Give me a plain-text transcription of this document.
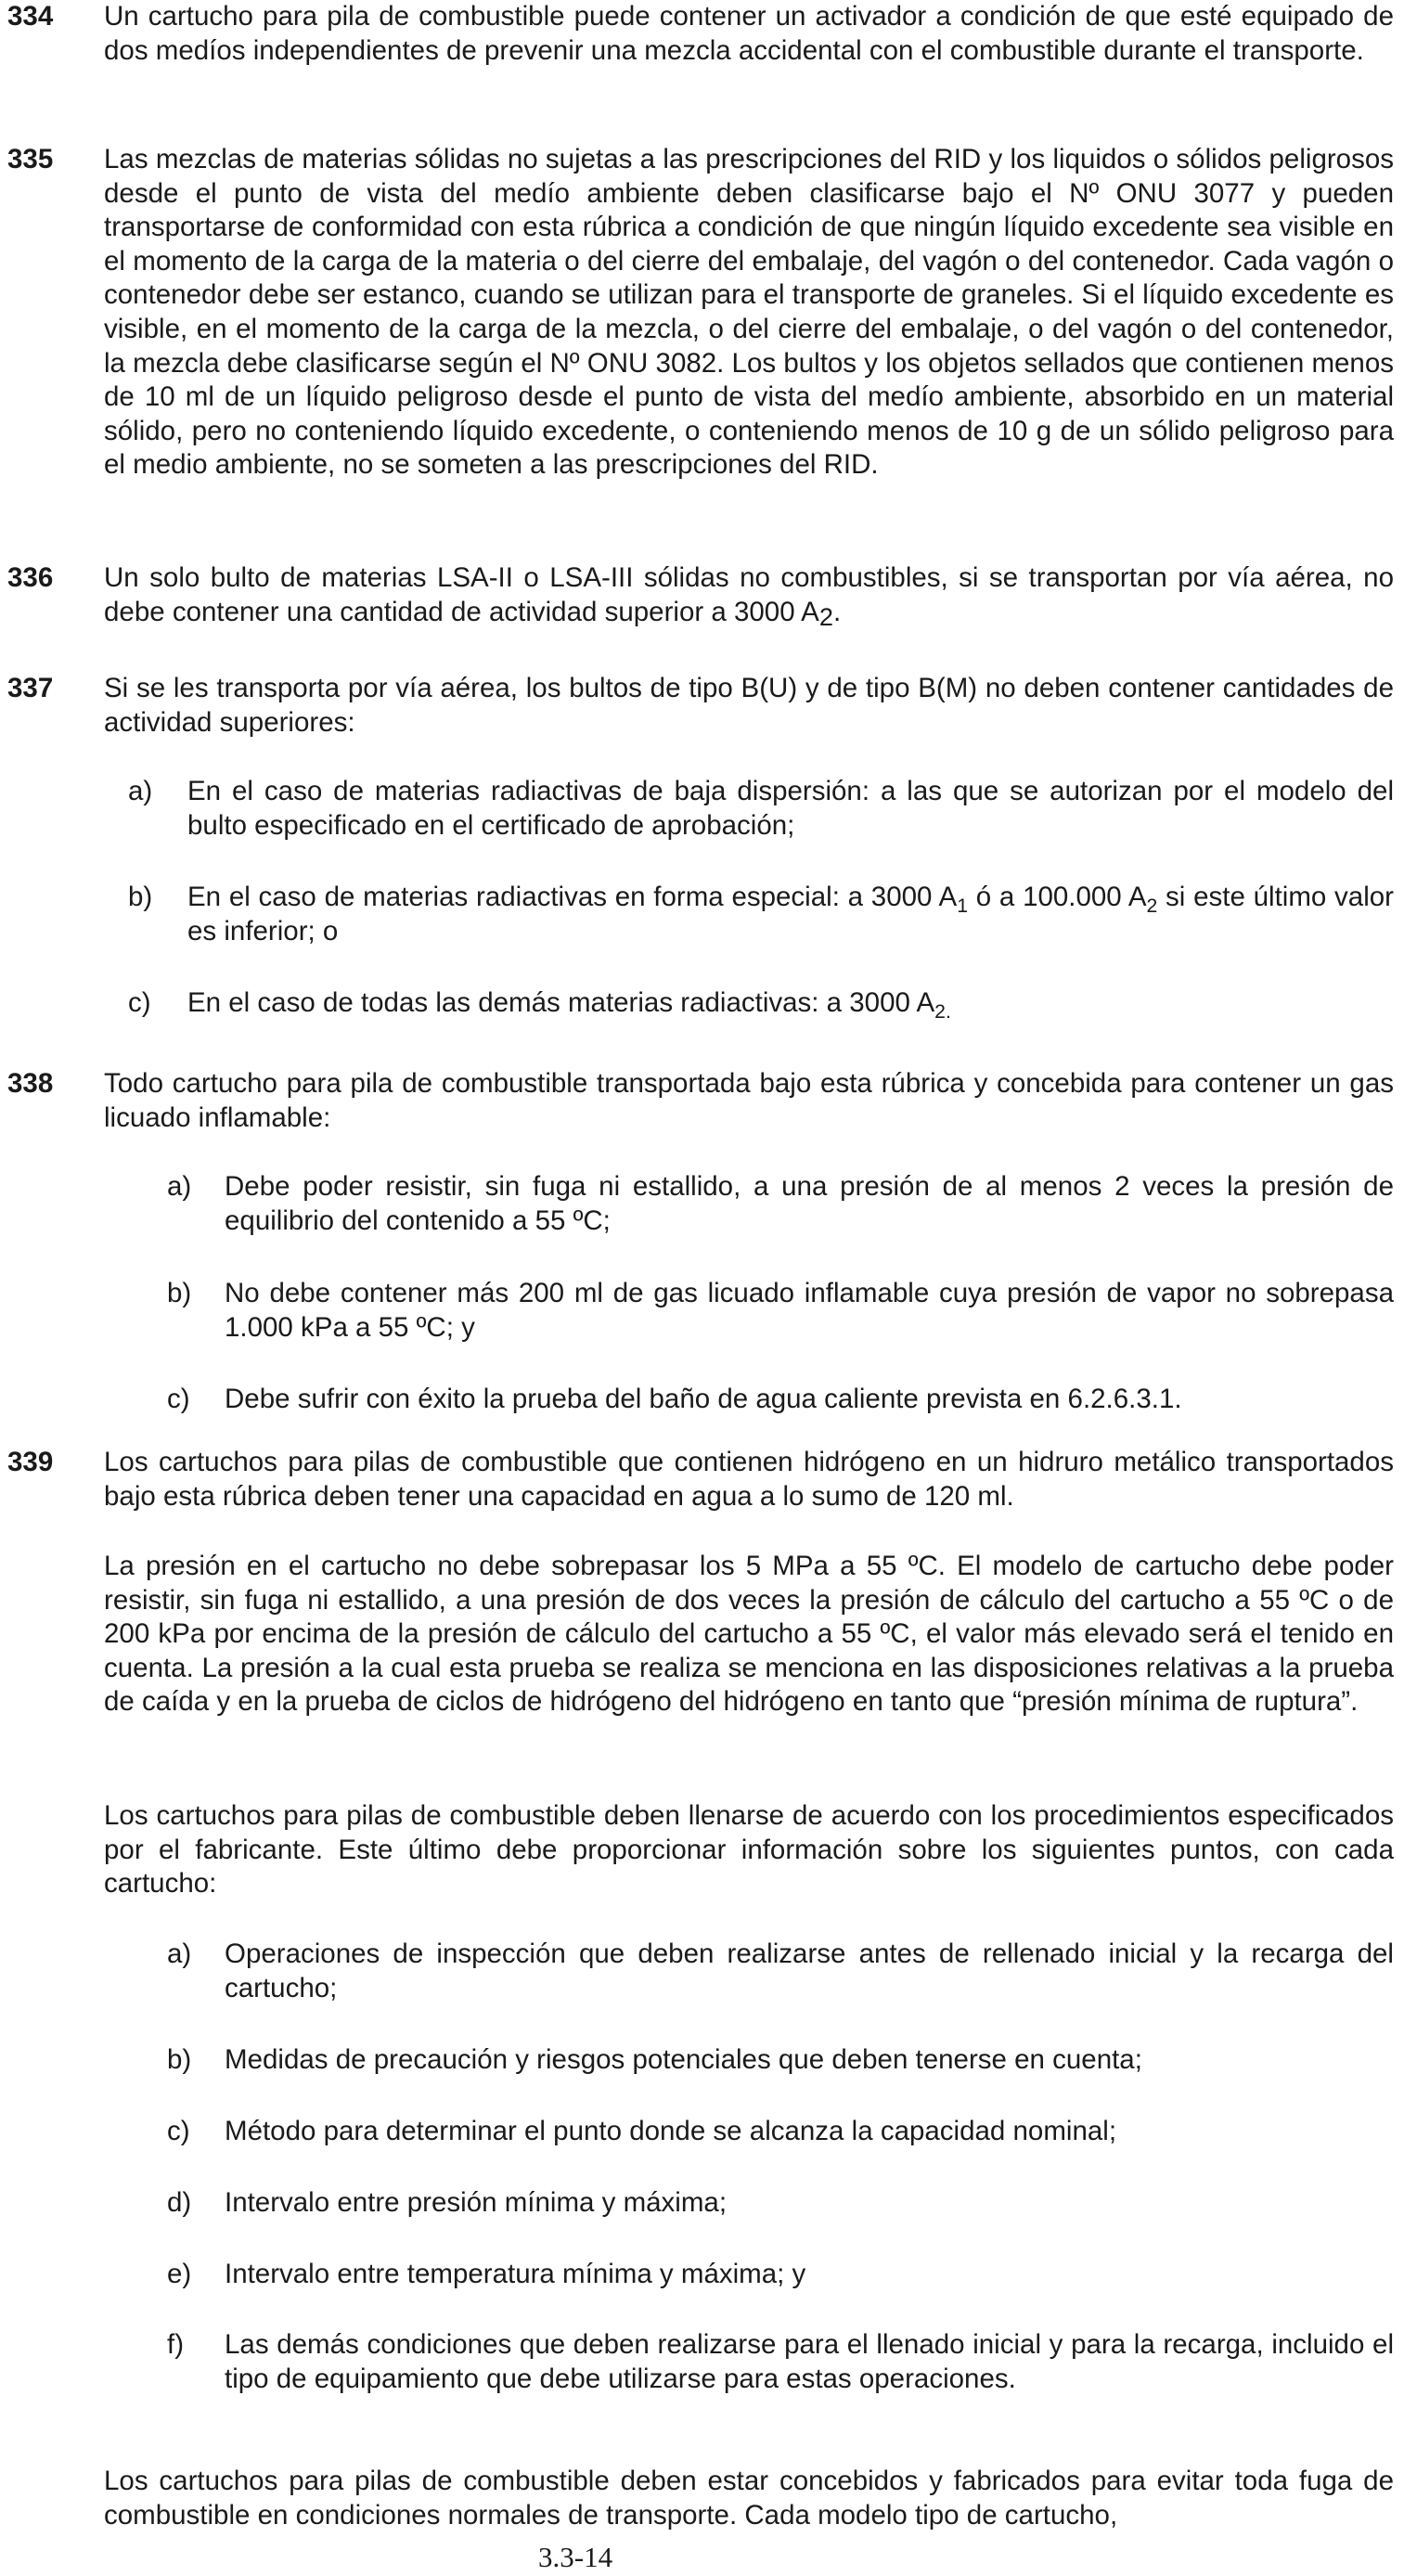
334 Un cartucho para pila de combustible puede contener un activador a condición de que esté equipado de dos medíos independientes de prevenir una mezcla accidental con el combustible durante el transporte.

335 Las mezclas de materias sólidas no sujetas a las prescripciones del RID y los liquidos o sólidos peligrosos desde el punto de vista del medío ambiente deben clasificarse bajo el Nº ONU 3077 y pueden transportarse de conformidad con esta rúbrica a condición de que ningún líquido excedente sea visible en el momento de la carga de la materia o del cierre del embalaje, del vagón o del contenedor. Cada vagón o contenedor debe ser estanco, cuando se utilizan para el transporte de graneles. Si el líquido excedente es visible, en el momento de la carga de la mezcla, o del cierre del embalaje, o del vagón o del contenedor, la mezcla debe clasificarse según el Nº ONU 3082. Los bultos y los objetos sellados que contienen menos de 10 ml de un líquido peligroso desde el punto de vista del medío ambiente, absorbido en un material sólido, pero no conteniendo líquido excedente, o conteniendo menos de 10 g de un sólido peligroso para el medio ambiente, no se someten a las prescripciones del RID.

336 Un solo bulto de materias LSA-II o LSA-III sólidas no combustibles, si se transportan por vía aérea, no debe contener una cantidad de actividad superior a 3000 A2.

337 Si se les transporta por vía aérea, los bultos de tipo B(U) y de tipo B(M) no deben contener cantidades de actividad superiores:

a) En el caso de materias radiactivas de baja dispersión: a las que se autorizan por el modelo del bulto especificado en el certificado de aprobación;

b) En el caso de materias radiactivas en forma especial: a 3000 $A_1$ ó a 100.000 $A_2$ si este último valor es inferior; o

c) En el caso de todas las demás materias radiactivas: a 3000 $A_{2.}$

338 Todo cartucho para pila de combustible transportada bajo esta rúbrica y concebida para contener un gas licuado inflamable:

a) Debe poder resistir, sin fuga ni estallido, a una presión de al menos 2 veces la presión de equilibrio del contenido a 55 ºC;

b) No debe contener más 200 ml de gas licuado inflamable cuya presión de vapor no sobrepasa 1.000 kPa a 55 ºC; y

c) Debe sufrir con éxito la prueba del baño de agua caliente prevista en 6.2.6.3.1.

339 Los cartuchos para pilas de combustible que contienen hidrógeno en un hidruro metálico transportados bajo esta rúbrica deben tener una capacidad en agua a lo sumo de 120 ml.

La presión en el cartucho no debe sobrepasar los 5 MPa a 55 ºC. El modelo de cartucho debe poder resistir, sin fuga ni estallido, a una presión de dos veces la presión de cálculo del cartucho a 55 ºC o de 200 kPa por encima de la presión de cálculo del cartucho a 55 ºC, el valor más elevado será el tenido en cuenta. La presión a la cual esta prueba se realiza se menciona en las disposiciones relativas a la prueba de caída y en la prueba de ciclos de hidrógeno del hidrógeno en tanto que “presión mínima de ruptura”.

Los cartuchos para pilas de combustible deben llenarse de acuerdo con los procedimientos especificados por el fabricante. Este último debe proporcionar información sobre los siguientes puntos, con cada cartucho:

a) Operaciones de inspección que deben realizarse antes de rellenado inicial y la recarga del cartucho;

b) Medidas de precaución y riesgos potenciales que deben tenerse en cuenta;

c) Método para determinar el punto donde se alcanza la capacidad nominal;

d) Intervalo entre presión mínima y máxima;

e) Intervalo entre temperatura mínima y máxima; y

f) Las demás condiciones que deben realizarse para el llenado inicial y para la recarga, incluido el tipo de equipamiento que debe utilizarse para estas operaciones.

Los cartuchos para pilas de combustible deben estar concebidos y fabricados para evitar toda fuga de combustible en condiciones normales de transporte. Cada modelo tipo de cartucho,

3.3-14
